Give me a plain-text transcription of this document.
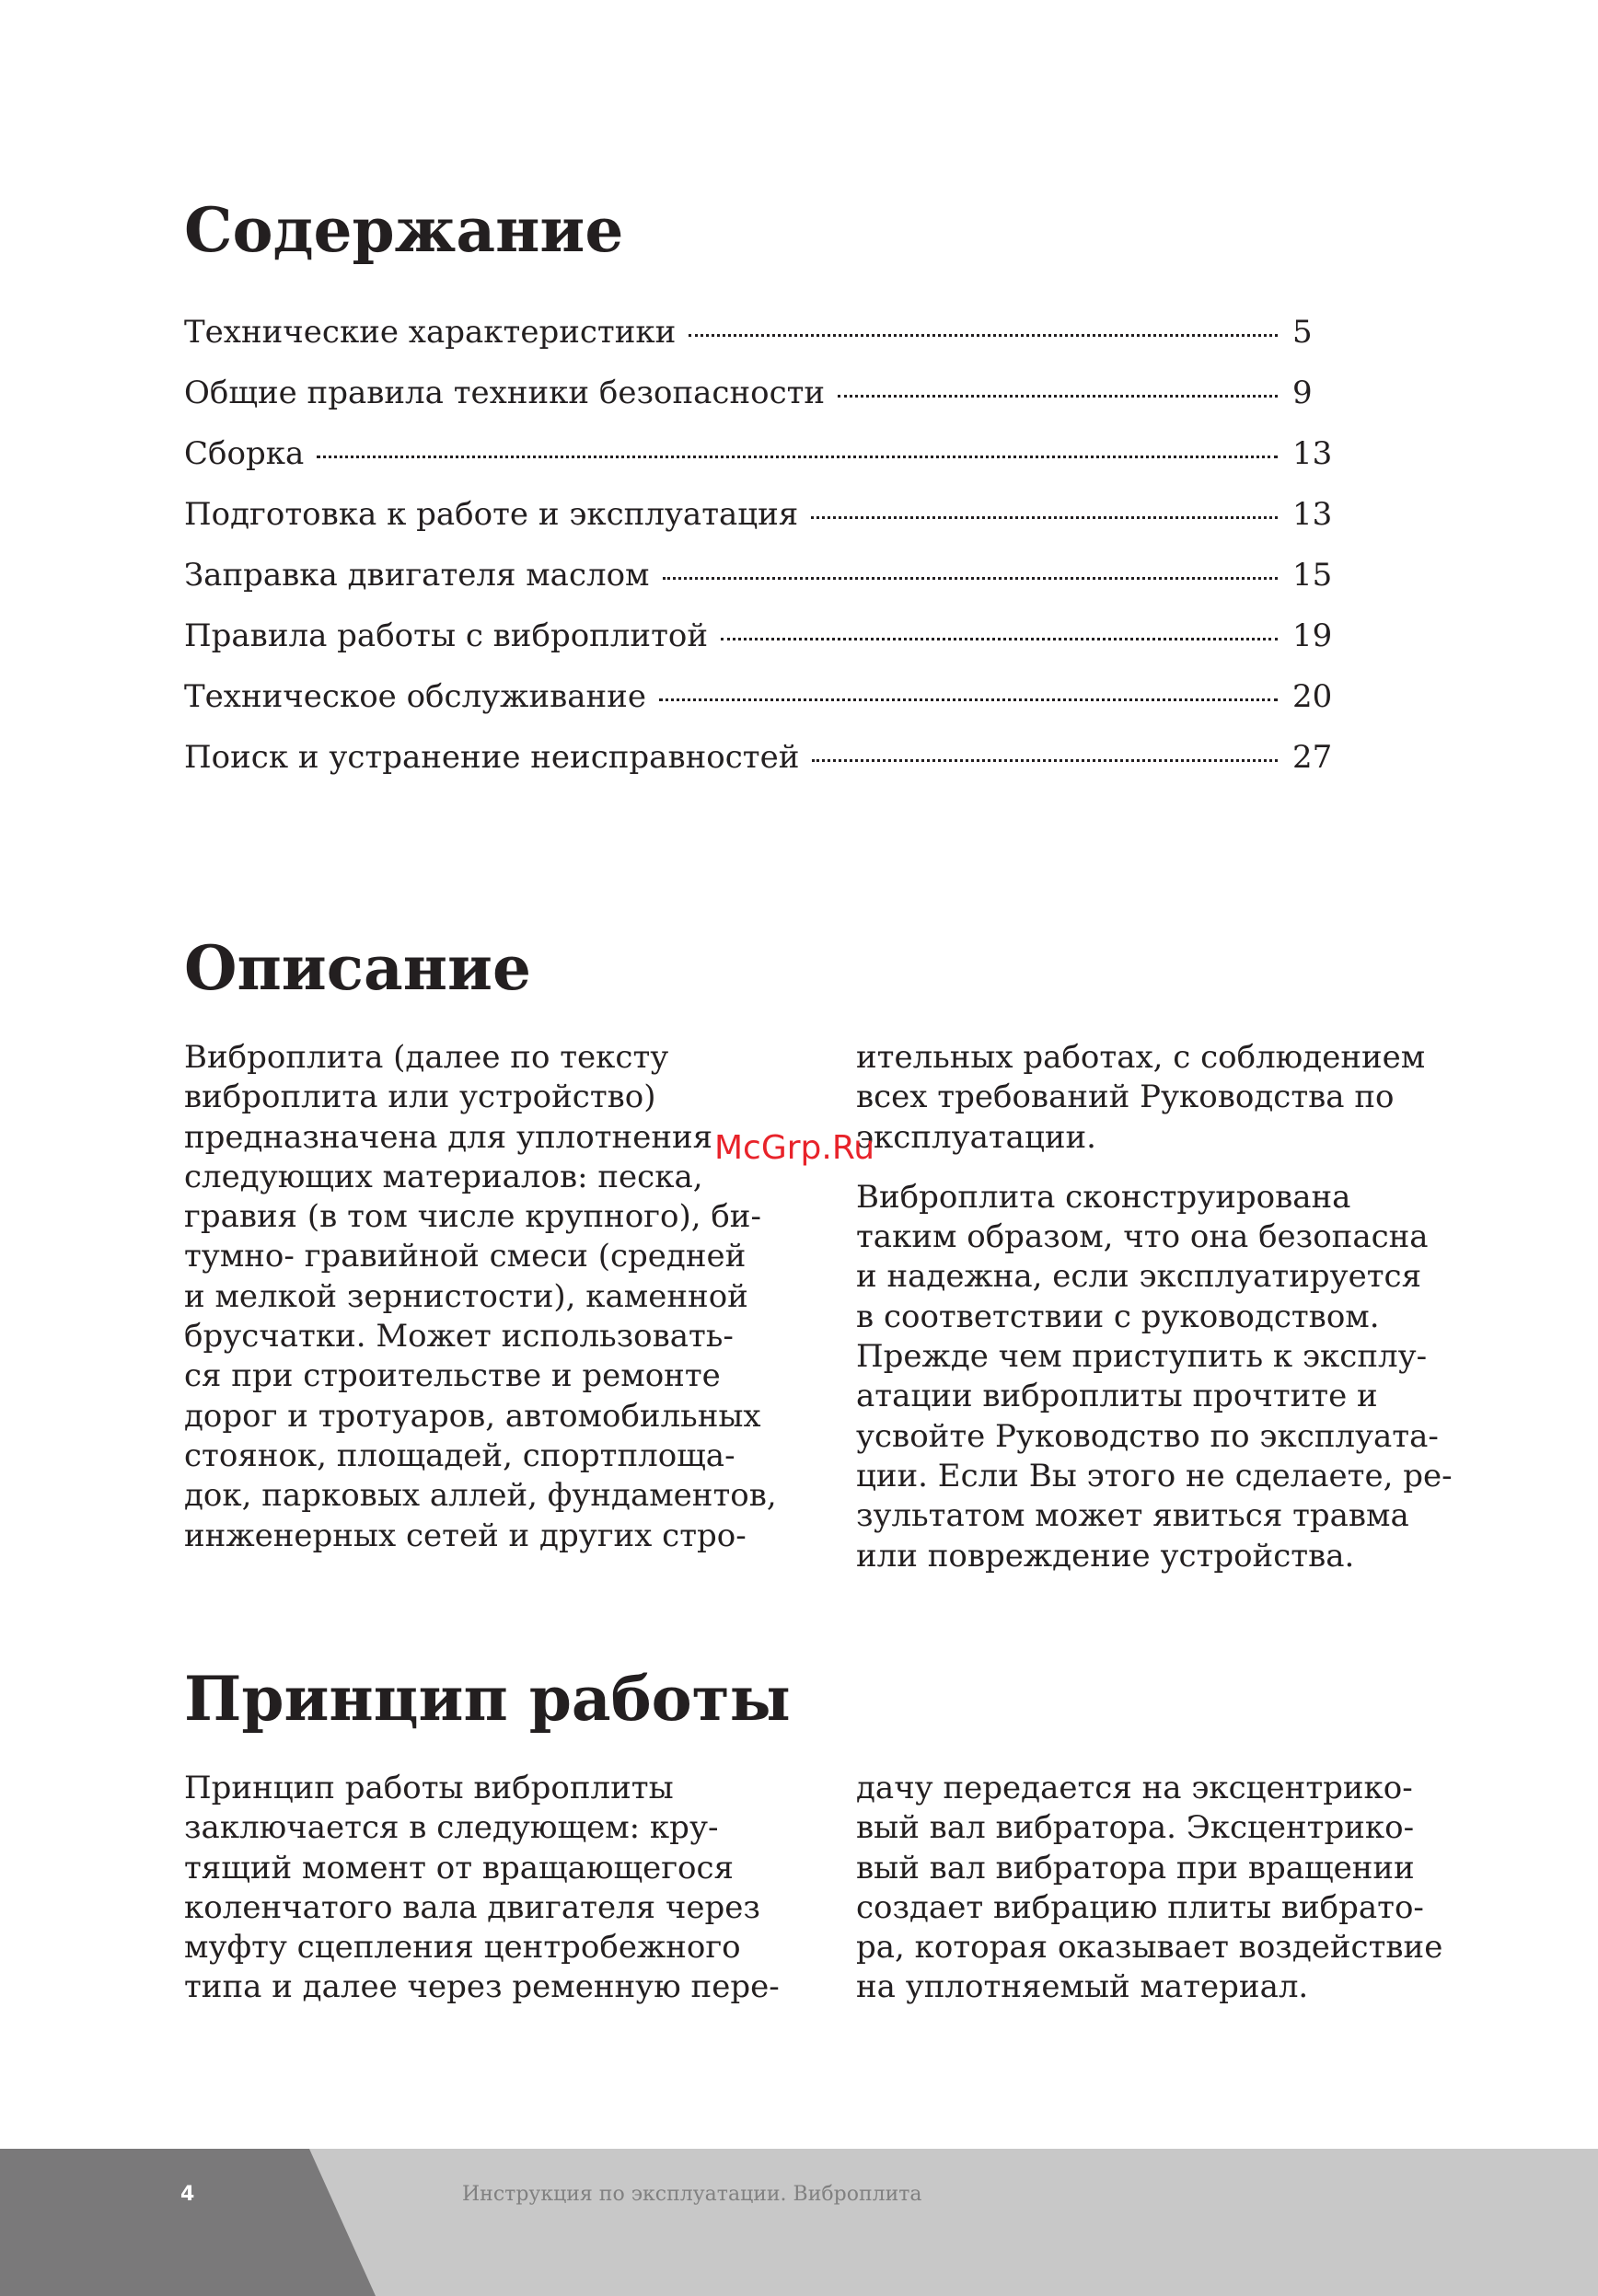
Содержание
Технические характеристики	5
Общие правила техники безопасности	9
Сборка	13
Подготовка к работе и эксплуатация	13
Заправка двигателя маслом	15
Правила работы с виброплитой	19
Техническое обслуживание	20
Поиск и устранение неисправностей	27
Описание
Виброплита (далее по тексту
виброплита или устройство)
предназначена для уплотнения
следующих материалов: песка,
гравия (в том числе крупного), би-
тумно- гравийной смеси (средней
и мелкой зернистости), каменной
брусчатки. Может использовать-
ся при строительстве и ремонте
дорог и тротуаров, автомобильных
стоянок, площадей, спортплоща-
док, парковых аллей, фундаментов,
инженерных сетей и других стро-
ительных работах, с соблюдением
всех требований Руководства по
эксплуатации.
Виброплита сконструирована
таким образом, что она безопасна
и надежна, если эксплуатируется
в соответствии с руководством.
Прежде чем приступить к эксплу-
атации виброплиты прочтите и
усвойте Руководство по эксплуата-
ции. Если Вы этого не сделаете, ре-
зультатом может явиться травма
или повреждение устройства.
McGrp.Ru
Принцип работы
Принцип работы виброплиты
заключается в следующем: кру-
тящий момент от вращающегося
коленчатого вала двигателя через
муфту сцепления центробежного
типа и далее через ременную пере-
дачу передается на эксцентрико-
вый вал вибратора. Эксцентрико-
вый вал вибратора при вращении
создает вибрацию плиты вибрато-
ра, которая оказывает воздействие
на уплотняемый материал.
4	Инструкция по эксплуатации. Виброплита
